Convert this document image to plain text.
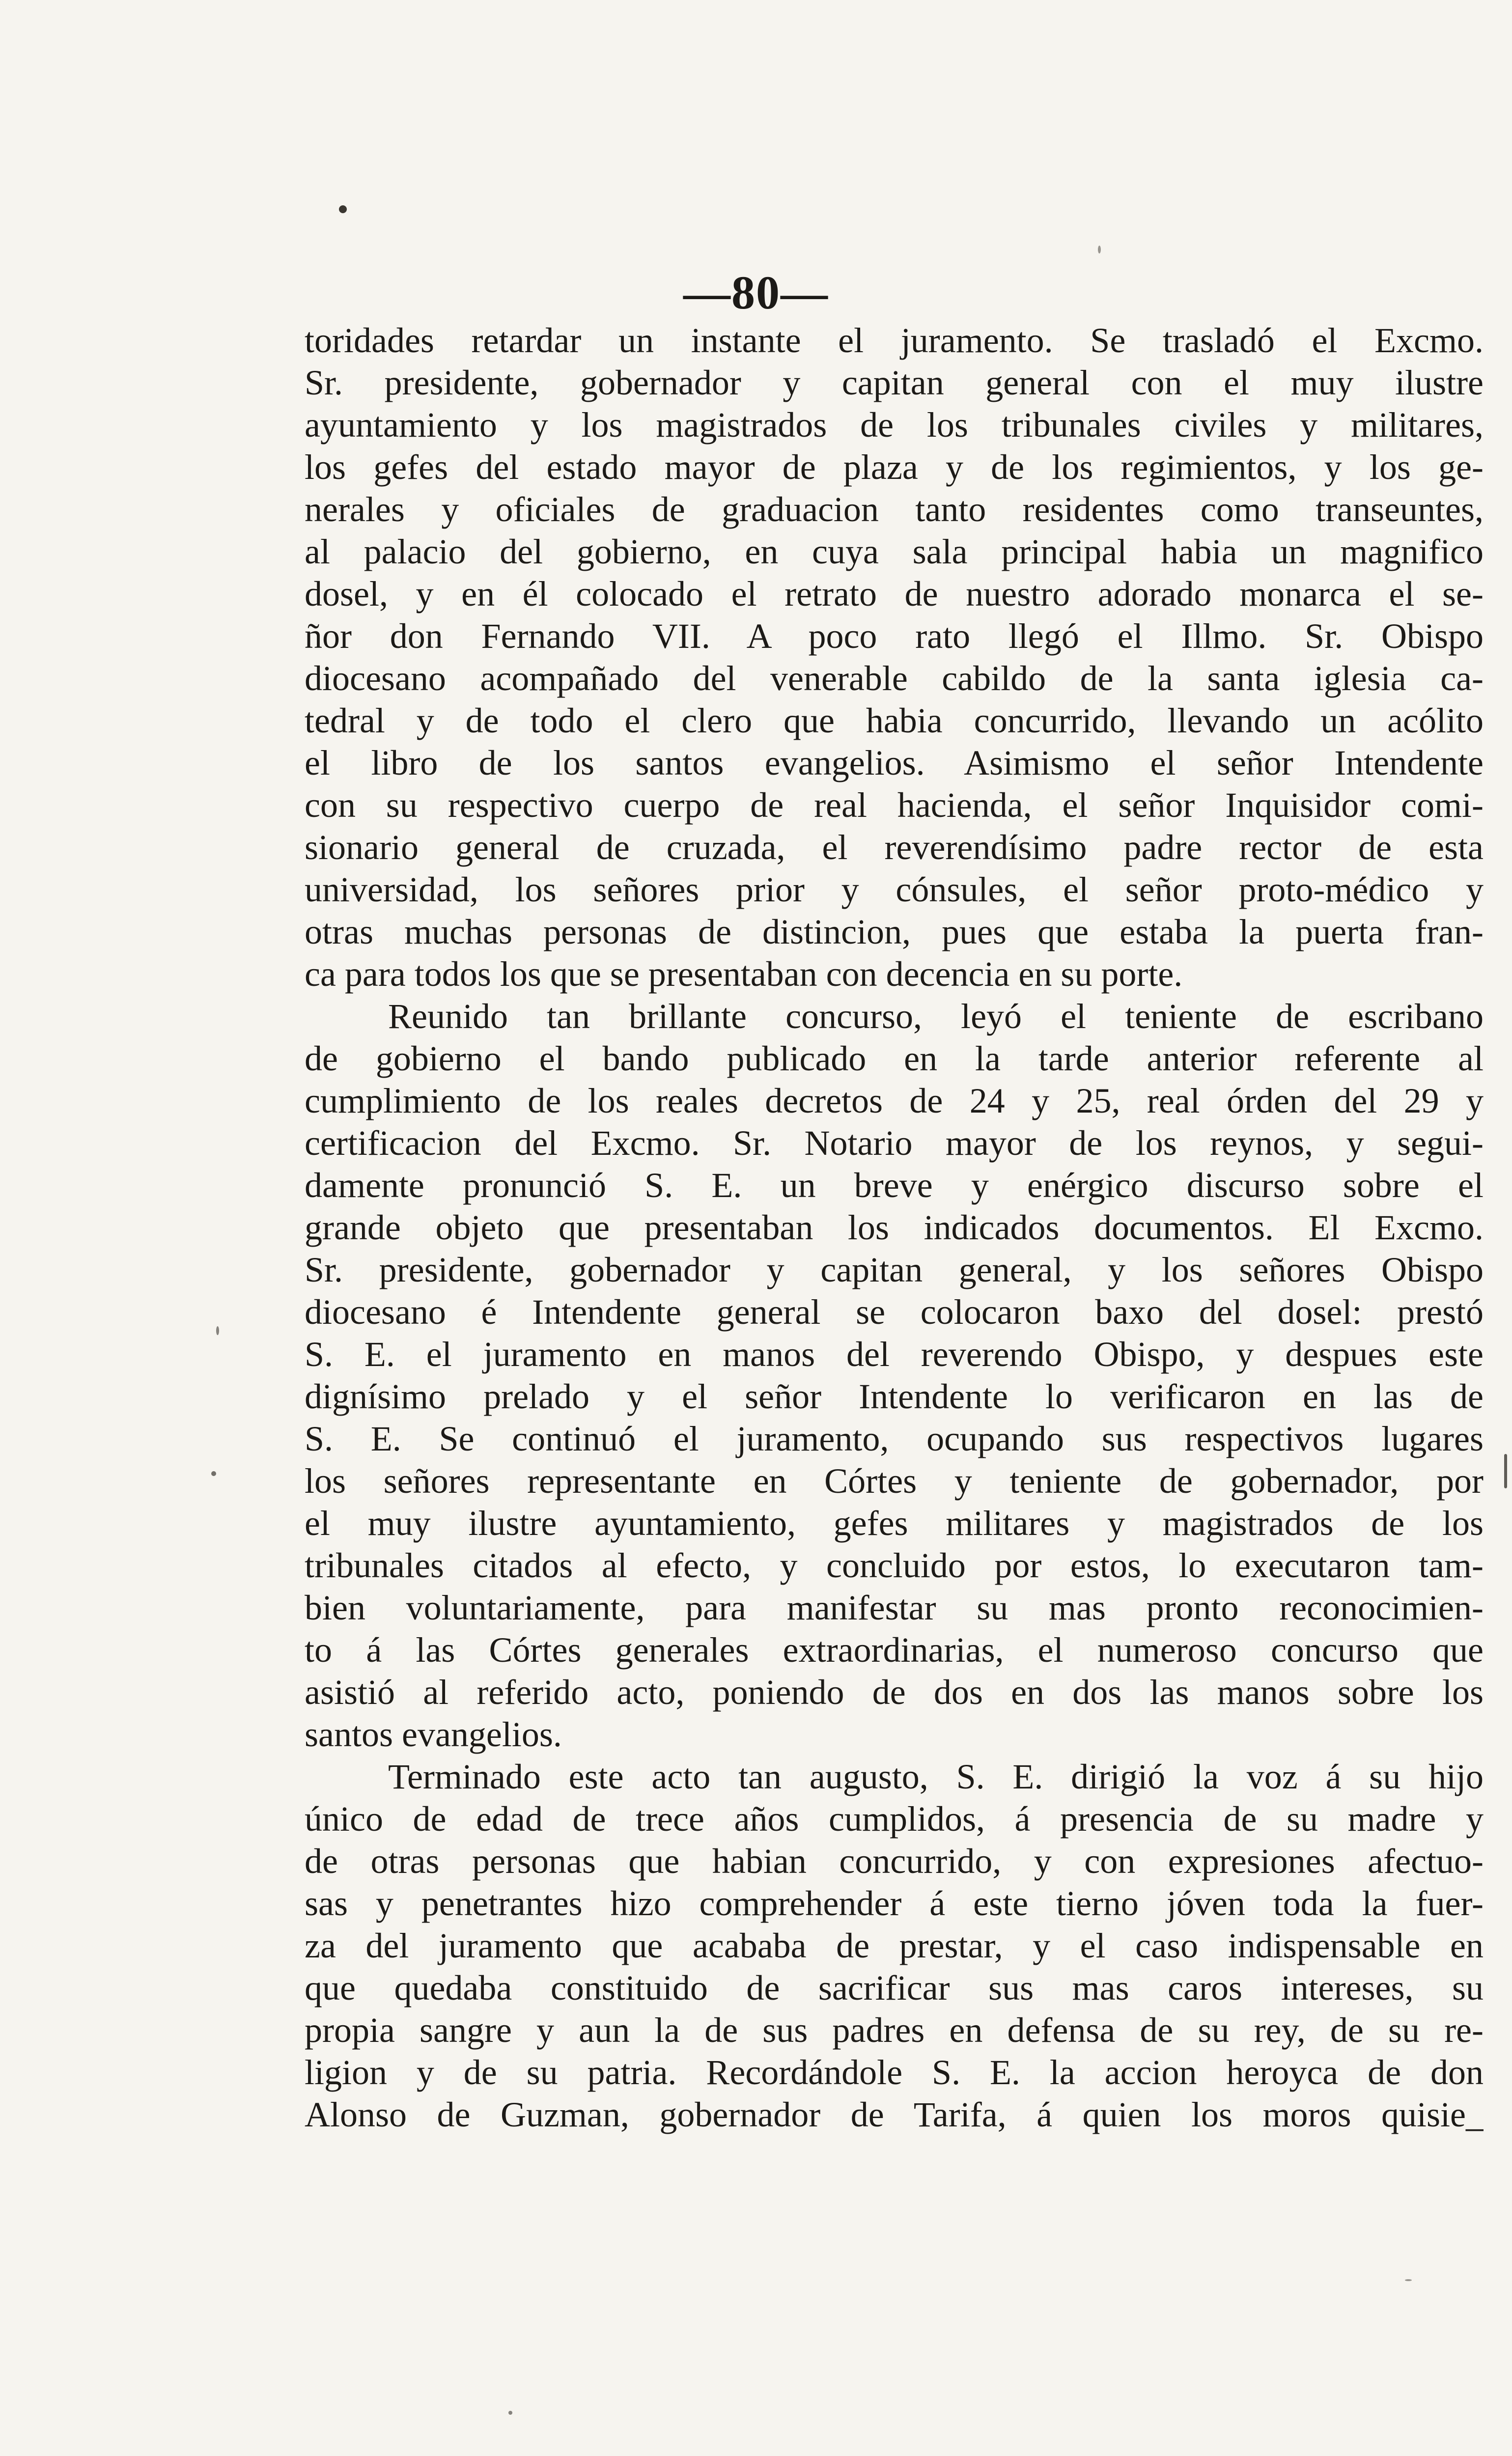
—80—
toridades retardar un instante el juramento. Se trasladó el Excmo.
Sr. presidente, gobernador y capitan general con el muy ilustre
ayuntamiento y los magistrados de los tribunales civiles y militares,
los gefes del estado mayor de plaza y de los regimientos, y los ge-
nerales y oficiales de graduacion tanto residentes como transeuntes,
al palacio del gobierno, en cuya sala principal habia un magnifico
dosel, y en él colocado el retrato de nuestro adorado monarca el se-
ñor don Fernando VII. A poco rato llegó el Illmo. Sr. Obispo
diocesano acompañado del venerable cabildo de la santa iglesia ca-
tedral y de todo el clero que habia concurrido, llevando un acólito
el libro de los santos evangelios. Asimismo el señor Intendente
con su respectivo cuerpo de real hacienda, el señor Inquisidor comi-
sionario general de cruzada, el reverendísimo padre rector de esta
universidad, los señores prior y cónsules, el señor proto-médico y
otras muchas personas de distincion, pues que estaba la puerta fran-
ca para todos los que se presentaban con decencia en su porte.
Reunido tan brillante concurso, leyó el teniente de escribano
de gobierno el bando publicado en la tarde anterior referente al
cumplimiento de los reales decretos de 24 y 25, real órden del 29 y
certificacion del Excmo. Sr. Notario mayor de los reynos, y segui-
damente pronunció S. E. un breve y enérgico discurso sobre el
grande objeto que presentaban los indicados documentos. El Excmo.
Sr. presidente, gobernador y capitan general, y los señores Obispo
diocesano é Intendente general se colocaron baxo del dosel: prestó
S. E. el juramento en manos del reverendo Obispo, y despues este
dignísimo prelado y el señor Intendente lo verificaron en las de
S. E. Se continuó el juramento, ocupando sus respectivos lugares
los señores representante en Córtes y teniente de gobernador, por
el muy ilustre ayuntamiento, gefes militares y magistrados de los
tribunales citados al efecto, y concluido por estos, lo executaron tam-
bien voluntariamente, para manifestar su mas pronto reconocimien-
to á las Córtes generales extraordinarias, el numeroso concurso que
asistió al referido acto, poniendo de dos en dos las manos sobre los
santos evangelios.
Terminado este acto tan augusto, S. E. dirigió la voz á su hijo
único de edad de trece años cumplidos, á presencia de su madre y
de otras personas que habian concurrido, y con expresiones afectuo-
sas y penetrantes hizo comprehender á este tierno jóven toda la fuer-
za del juramento que acababa de prestar, y el caso indispensable en
que quedaba constituido de sacrificar sus mas caros intereses, su
propia sangre y aun la de sus padres en defensa de su rey, de su re-
ligion y de su patria. Recordándole S. E. la accion heroyca de don
Alonso de Guzman, gobernador de Tarifa, á quien los moros quisie_
